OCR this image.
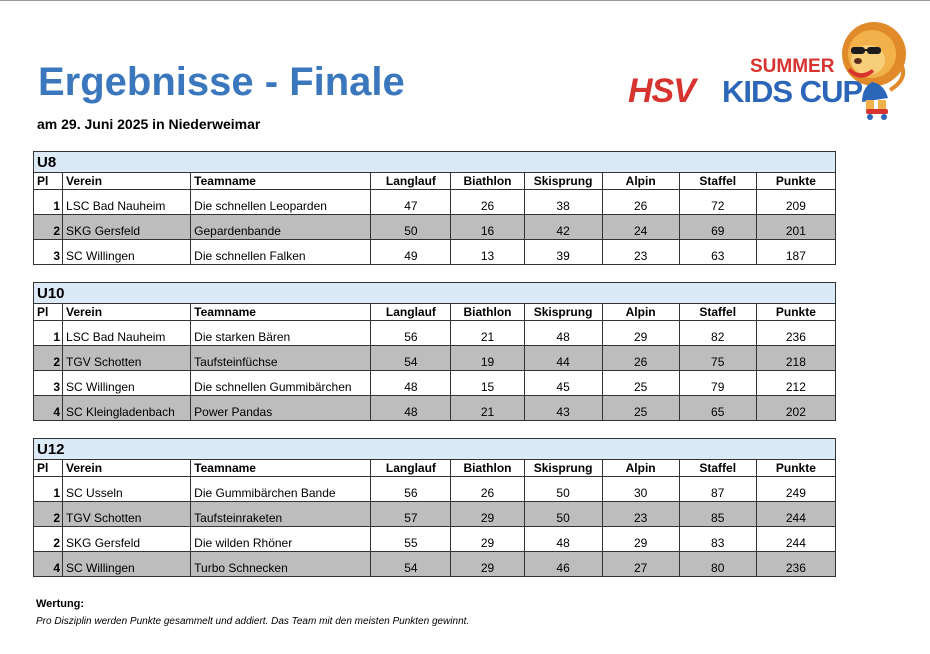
Ergebnisse - Finale
am 29. Juni 2025 in Niederweimar
HSV
SUMMER
KIDS CUP
U8								
Pl	Verein	Teamname	Langlauf	Biathlon	Skisprung	Alpin	Staffel	Punkte
1	LSC Bad Nauheim	Die schnellen Leoparden	47	26	38	26	72	209
2	SKG Gersfeld	Gepardenbande	50	16	42	24	69	201
3	SC Willingen	Die schnellen Falken	49	13	39	23	63	187
U10								
Pl	Verein	Teamname	Langlauf	Biathlon	Skisprung	Alpin	Staffel	Punkte
1	LSC Bad Nauheim	Die starken Bären	56	21	48	29	82	236
2	TGV Schotten	Taufsteinfüchse	54	19	44	26	75	218
3	SC Willingen	Die schnellen Gummibärchen	48	15	45	25	79	212
4	SC Kleingladenbach	Power Pandas	48	21	43	25	65	202
U12								
Pl	Verein	Teamname	Langlauf	Biathlon	Skisprung	Alpin	Staffel	Punkte
1	SC Usseln	Die Gummibärchen Bande	56	26	50	30	87	249
2	TGV Schotten	Taufsteinraketen	57	29	50	23	85	244
2	SKG Gersfeld	Die wilden Rhöner	55	29	48	29	83	244
4	SC Willingen	Turbo Schnecken	54	29	46	27	80	236
Wertung:
Pro Disziplin werden Punkte gesammelt und addiert. Das Team mit den meisten Punkten gewinnt.
